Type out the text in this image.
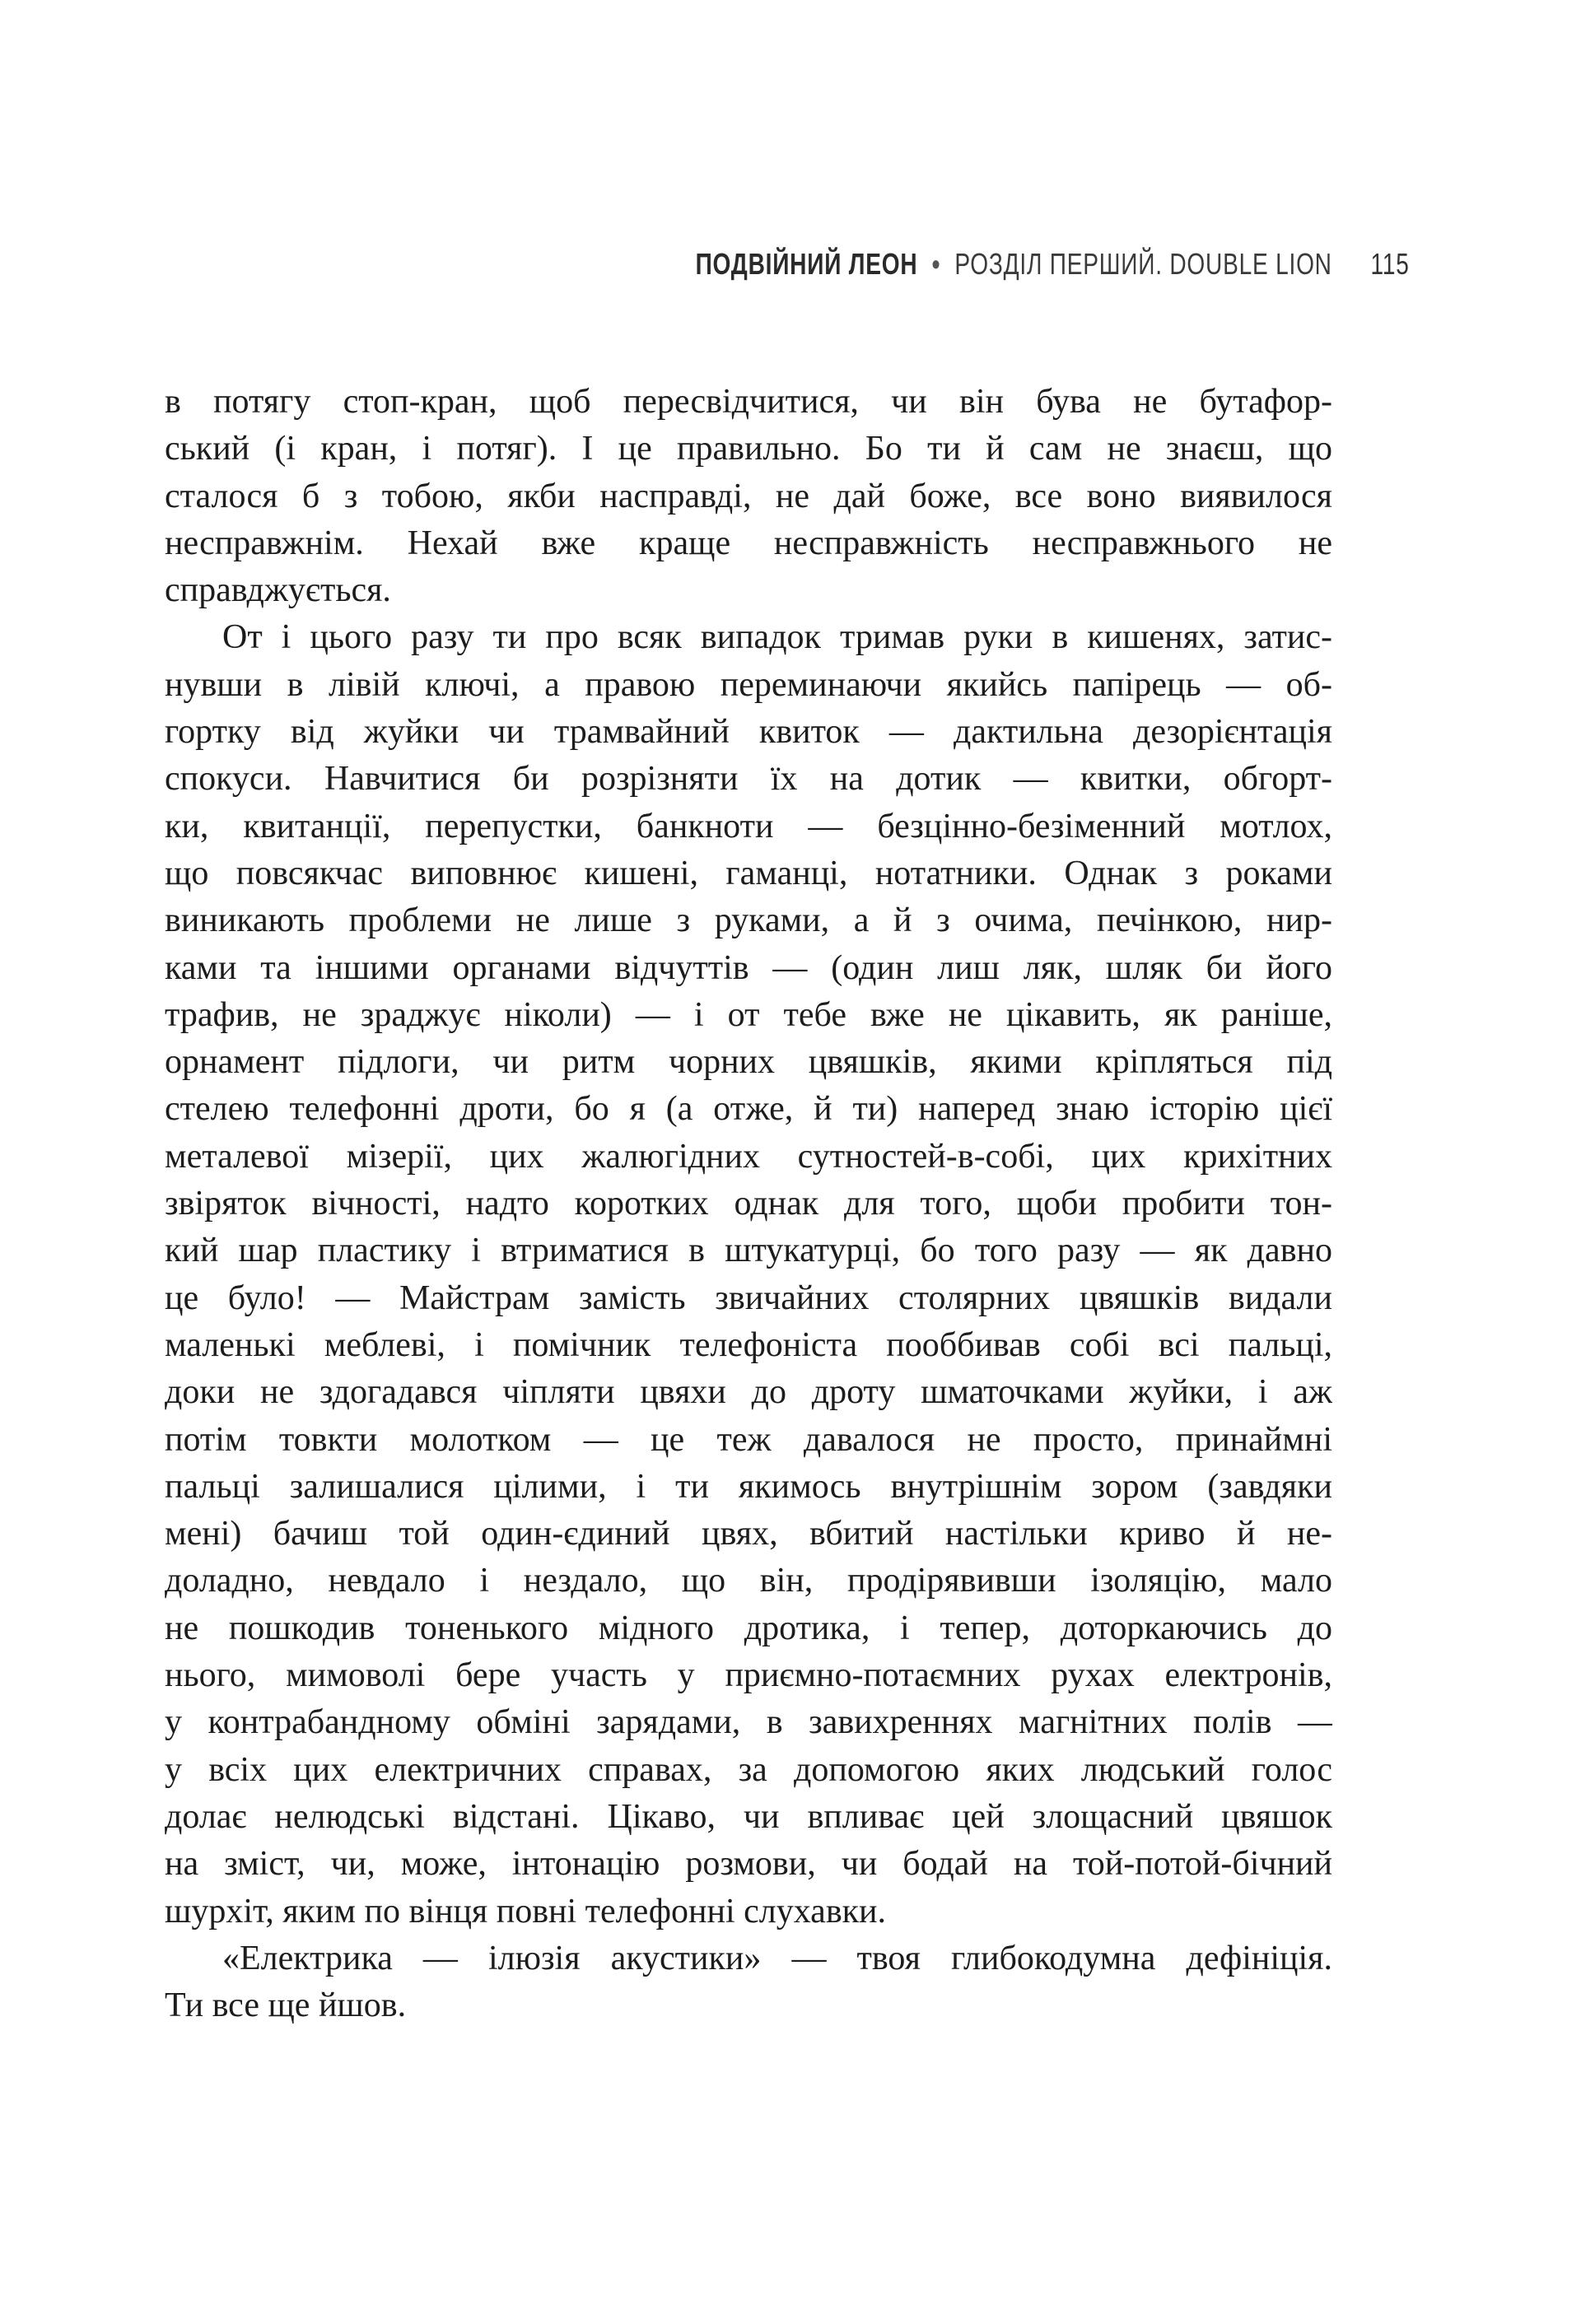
ПОДВІЙНИЙ ЛЕОН • РОЗДІЛ ПЕРШИЙ. DOUBLE LION 115
в потягу стоп-кран, щоб пересвідчитися, чи він бува не бутафор-
ський (і кран, і потяг). І це правильно. Бо ти й сам не знаєш, що
сталося б з тобою, якби насправді, не дай боже, все воно виявилося
несправжнім. Нехай вже краще несправжність несправжнього не
справджується.
От і цього разу ти про всяк випадок тримав руки в кишенях, затис-
нувши в лівій ключі, а правою переминаючи якийсь папірець — об-
гортку від жуйки чи трамвайний квиток — дактильна дезорієнтація
спокуси. Навчитися би розрізняти їх на дотик — квитки, обгорт-
ки, квитанції, перепустки, банкноти — безцінно-безіменний мотлох,
що повсякчас виповнює кишені, гаманці, нотатники. Однак з роками
виникають проблеми не лише з руками, а й з очима, печінкою, нир-
ками та іншими органами відчуттів — (один лиш ляк, шляк би його
трафив, не зраджує ніколи) — і от тебе вже не цікавить, як раніше,
орнамент підлоги, чи ритм чорних цвяшків, якими кріпляться під
стелею телефонні дроти, бо я (а отже, й ти) наперед знаю історію цієї
металевої мізерії, цих жалюгідних сутностей-в-собі, цих крихітних
звіряток вічності, надто коротких однак для того, щоби пробити тон-
кий шар пластику і втриматися в штукатурці, бо того разу — як давно
це було! — Майстрам замість звичайних столярних цвяшків видали
маленькі меблеві, і помічник телефоніста пооббивав собі всі пальці,
доки не здогадався чіпляти цвяхи до дроту шматочками жуйки, і аж
потім товкти молотком — це теж давалося не просто, принаймні
пальці залишалися цілими, і ти якимось внутрішнім зором (завдяки
мені) бачиш той один-єдиний цвях, вбитий настільки криво й не-
доладно, невдало і нездало, що він, продірявивши ізоляцію, мало
не пошкодив тоненького мідного дротика, і тепер, доторкаючись до
нього, мимоволі бере участь у приємно-потаємних рухах електронів,
у контрабандному обміні зарядами, в завихреннях магнітних полів —
у всіх цих електричних справах, за допомогою яких людський голос
долає нелюдські відстані. Цікаво, чи впливає цей злощасний цвяшок
на зміст, чи, може, інтонацію розмови, чи бодай на той-потой-бічний
шурхіт, яким по вінця повні телефонні слухавки.
«Електрика — ілюзія акустики» — твоя глибокодумна дефініція.
Ти все ще йшов.
